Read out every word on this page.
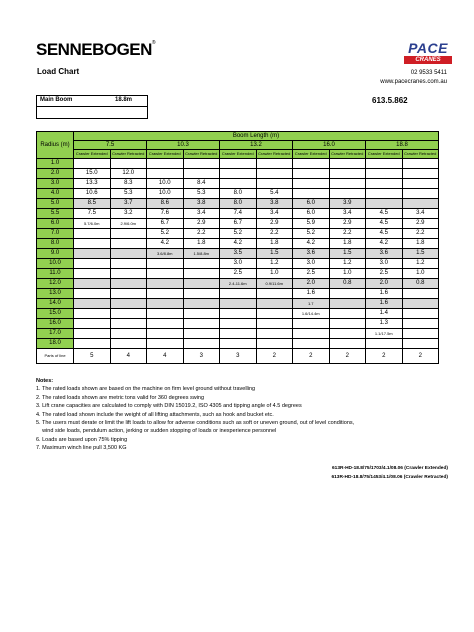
SENNEBOGEN®
Load Chart
PACE
CRANES
02 9533 5411
www.pacecranes.com.au
Main Boom	18.8m	613.5.862
Radius (m)	Boom Length (m)									
	7.5		10.3		13.2		16.0		18.8	
	Crawler Extended	Crawler Retracted	Crawler Extended	Crawler Retracted	Crawler Extended	Crawler Retracted	Crawler Extended	Crawler Retracted	Crawler Extended	Crawler Retracted
1.0										
2.0	15.0	12.0								
3.0	13.3	8.3	10.0	8.4						
4.0	10.6	5.3	10.0	5.3	8.0	5.4				
5.0	8.5	3.7	8.6	3.8	8.0	3.8	6.0	3.9		
5.5	7.5	3.2	7.6	3.4	7.4	3.4	6.0	3.4	4.5	3.4
6.0	5.7/6.0m	2.9/6.0m	6.7	2.9	6.7	2.9	5.9	2.9	4.5	2.9
7.0			5.2	2.2	5.2	2.2	5.2	2.2	4.5	2.2
8.0			4.2	1.8	4.2	1.8	4.2	1.8	4.2	1.8
9.0			3.6/8.8m	1.5/8.8m	3.5	1.5	3.6	1.5	3.6	1.5
10.0					3.0	1.2	3.0	1.2	3.0	1.2
11.0					2.5	1.0	2.5	1.0	2.5	1.0
12.0					2.4-11.6m	0.9/11.6m	2.0	0.8	2.0	0.8
13.0							1.6		1.6	
14.0							1.7		1.6	
15.0							1.6/14.4m		1.4	
16.0									1.3	
17.0									1.1/17.5m	
18.0										
Parts of line	5	4	4	3	3	2	2	2	2	2
Notes:
1. The rated loads shown are based on the machine on firm level ground without travelling
2. The rated loads shown are metric tons valid for 360 degrees swing
3. Lift crane capacities are calculated to comply with DIN 15019.2, ISO 4305 and tipping angle of 4.5 degrees
4. The rated load shown include the weight of all lifting attachments, such as hook and bucket etc.
5. The users must derate or limit the lift loads to allow for adverse conditions such as soft or uneven ground, out of level conditions,
wind side loads, pendulum action, jerking or sudden stopping of loads or inexperience personnel
6. Loads are based upon 75% tipping
7. Maximum winch line pull 3,500 KG
613R-HD-18.8/75/1703/4.1/08.06 (Crawler Extended)
613R-HD-18.8/75/1453/4.1/08.06 (Crawler Retracted)
